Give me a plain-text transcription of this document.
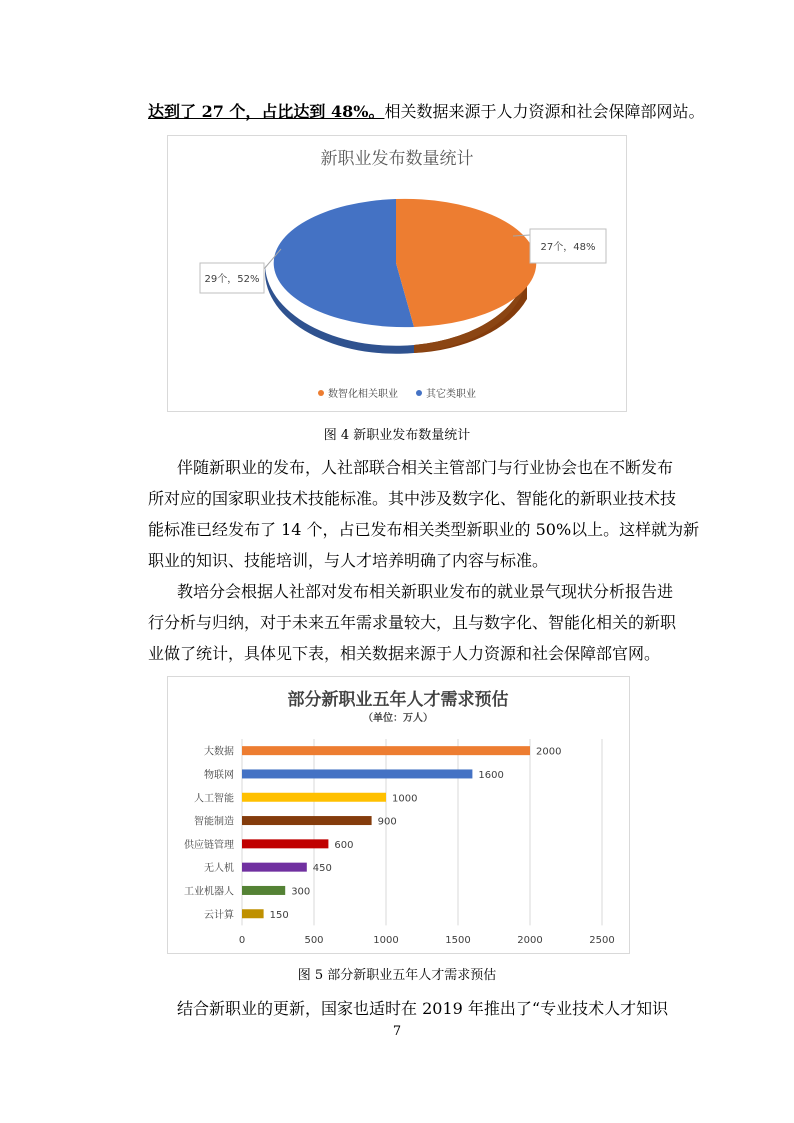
达到了 27 个，占比达到 48%。相关数据来源于人力资源和社会保障部网站。
新职业发布数量统计
27个，48%
29个，52%
数智化相关职业	其它类职业
图 4 新职业发布数量统计
伴随新职业的发布，人社部联合相关主管部门与行业协会也在不断发布
所对应的国家职业技术技能标准。其中涉及数字化、智能化的新职业技术技
能标准已经发布了 14 个，占已发布相关类型新职业的 50%以上。这样就为新
职业的知识、技能培训，与人才培养明确了内容与标准。
教培分会根据人社部对发布相关新职业发布的就业景气现状分析报告进
行分析与归纳，对于未来五年需求量较大，且与数字化、智能化相关的新职
业做了统计，具体见下表，相关数据来源于人力资源和社会保障部官网。
部分新职业五年人才需求预估
（单位：万人）
大数据	2000
物联网	1600
人工智能	1000
智能制造	900
供应链管理	600
无人机	450
工业机器人	300
云计算	150
0	500	1000	1500	2000	2500
图 5 部分新职业五年人才需求预估
结合新职业的更新，国家也适时在 2019 年推出了“专业技术人才知识
7
